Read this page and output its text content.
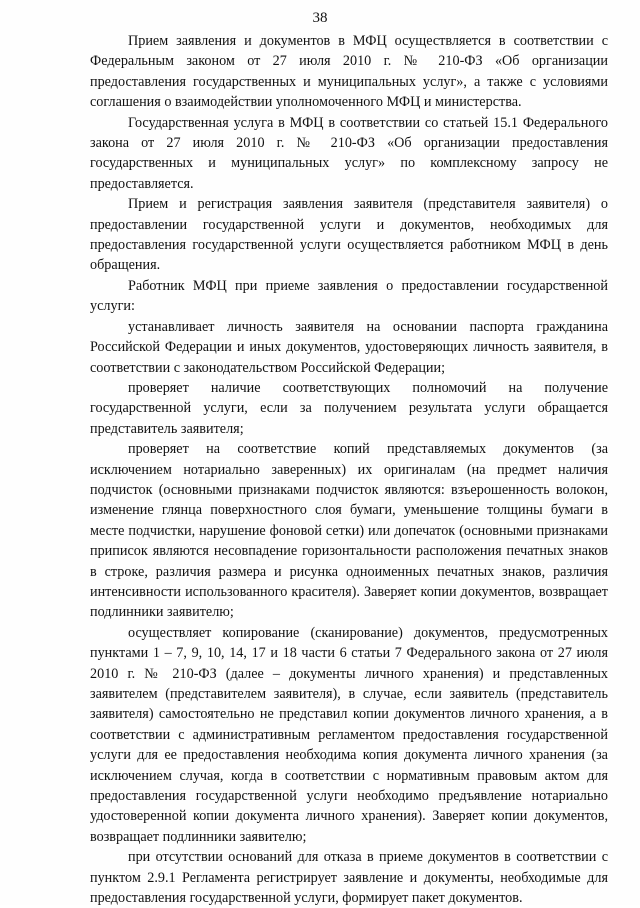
38

Прием заявления и документов в МФЦ осуществляется в соответствии с Федеральным законом от 27 июля 2010 г. № 210-ФЗ «Об организации предоставления государственных и муниципальных услуг», а также с условиями соглашения о взаимодействии уполномоченного МФЦ и министерства.

Государственная услуга в МФЦ в соответствии со статьей 15.1 Федерального закона от 27 июля 2010 г. № 210-ФЗ «Об организации предоставления государственных и муниципальных услуг» по комплексному запросу не предоставляется.

Прием и регистрация заявления заявителя (представителя заявителя) о предоставлении государственной услуги и документов, необходимых для предоставления государственной услуги осуществляется работником МФЦ в день обращения.

Работник МФЦ при приеме заявления о предоставлении государственной услуги:

устанавливает личность заявителя на основании паспорта гражданина Российской Федерации и иных документов, удостоверяющих личность заявителя, в соответствии с законодательством Российской Федерации;

проверяет наличие соответствующих полномочий на получение государственной услуги, если за получением результата услуги обращается представитель заявителя;

проверяет на соответствие копий представляемых документов (за исключением нотариально заверенных) их оригиналам (на предмет наличия подчисток (основными признаками подчисток являются: взъерошенность волокон, изменение глянца поверхностного слоя бумаги, уменьшение толщины бумаги в месте подчистки, нарушение фоновой сетки) или допечаток (основными признаками приписок являются несовпадение горизонтальности расположения печатных знаков в строке, различия размера и рисунка одноименных печатных знаков, различия интенсивности использованного красителя). Заверяет копии документов, возвращает подлинники заявителю;

осуществляет копирование (сканирование) документов, предусмотренных пунктами 1 – 7, 9, 10, 14, 17 и 18 части 6 статьи 7 Федерального закона от 27 июля 2010 г. № 210-ФЗ (далее – документы личного хранения) и представленных заявителем (представителем заявителя), в случае, если заявитель (представитель заявителя) самостоятельно не представил копии документов личного хранения, а в соответствии с административным регламентом предоставления государственной услуги для ее предоставления необходима копия документа личного хранения (за исключением случая, когда в соответствии с нормативным правовым актом для предоставления государственной услуги необходимо предъявление нотариально удостоверенной копии документа личного хранения). Заверяет копии документов, возвращает подлинники заявителю;

при отсутствии оснований для отказа в приеме документов в соответствии с пунктом 2.9.1 Регламента регистрирует заявление и документы, необходимые для предоставления государственной услуги, формирует пакет документов.
